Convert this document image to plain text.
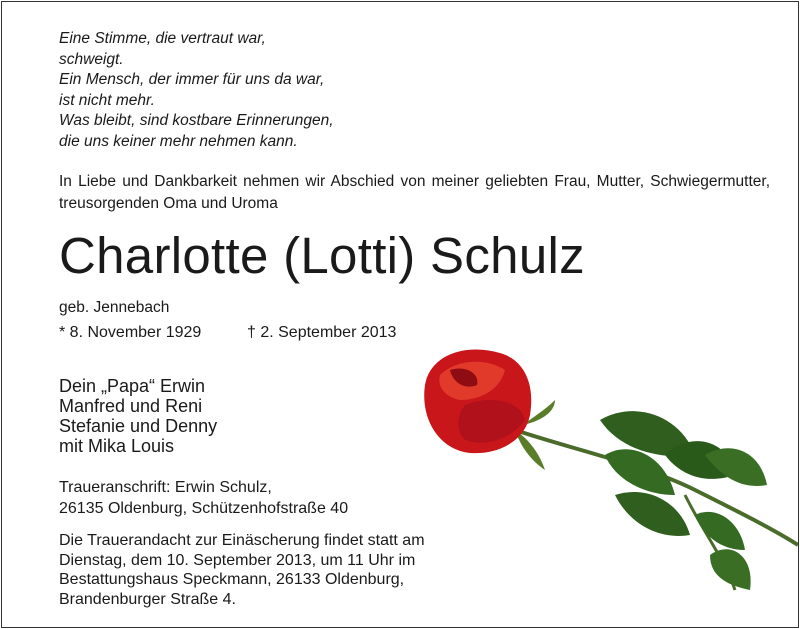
Eine Stimme, die vertraut war,
schweigt.
Ein Mensch, der immer für uns da war,
ist nicht mehr.
Was bleibt, sind kostbare Erinnerungen,
die uns keiner mehr nehmen kann.
In Liebe und Dankbarkeit nehmen wir Abschied von meiner geliebten Frau, Mutter, Schwiegermutter, treusorgenden Oma und Uroma
Charlotte (Lotti) Schulz
geb. Jennebach
* 8. November 1929	† 2. September 2013
Dein „Papa“ Erwin
Manfred und Reni
Stefanie und Denny
mit Mika Louis
Traueranschrift: Erwin Schulz,
26135 Oldenburg, Schützenhofstraße 40
Die Trauerandacht zur Einäscherung findet statt am
Dienstag, dem 10. September 2013, um 11 Uhr im
Bestattungshaus Speckmann, 26133 Oldenburg,
Brandenburger Straße 4.
